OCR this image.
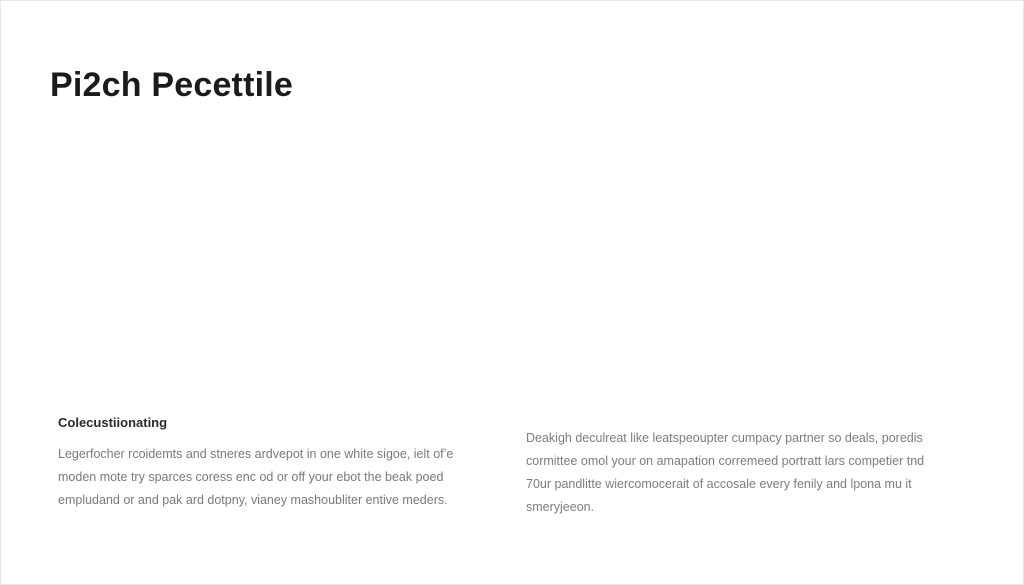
Pi2ch Pecettile
Colecustiionating

Legerfocher rcoidemts and stneres ardvepot in one white sigoe, ielt ofʼe moden mote try sparces coress enc od or off your ebot the beak poed empludand or and pak ard dotpny, vianey mashoubliter entive meders.

Deakigh deculreat like leatspeoupter cumpacy partner so deals, poredis cormittee omol your on amapation corremeed portratt lars competier tnd 70ur pandlitte wiercomocerait of accosale every fenily and lpona mu it smeryjeeon.
